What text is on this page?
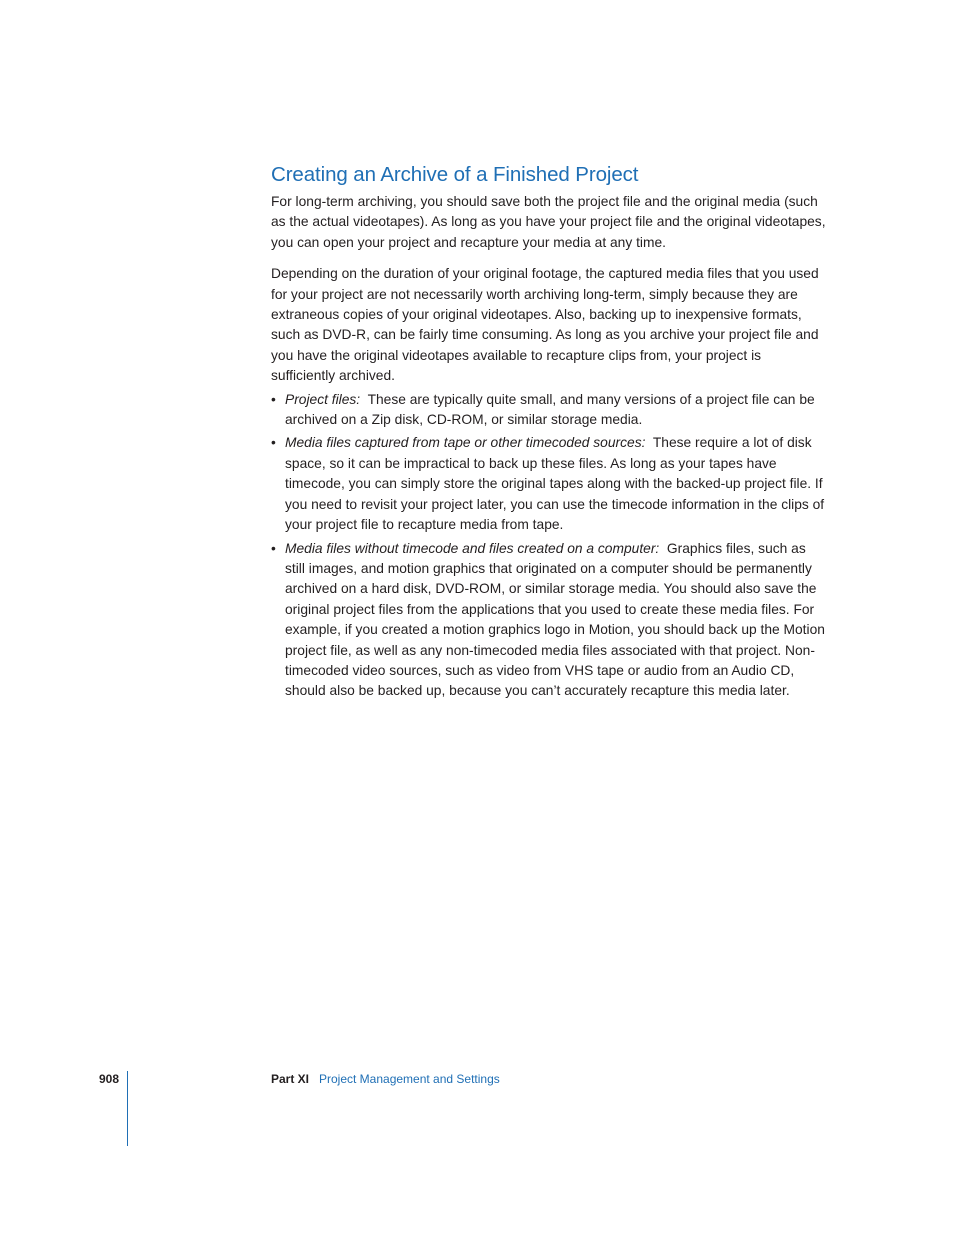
Creating an Archive of a Finished Project

For long-term archiving, you should save both the project file and the original media (such as the actual videotapes). As long as you have your project file and the original videotapes, you can open your project and recapture your media at any time.

Depending on the duration of your original footage, the captured media files that you used for your project are not necessarily worth archiving long-term, simply because they are extraneous copies of your original videotapes. Also, backing up to inexpensive formats, such as DVD-R, can be fairly time consuming. As long as you archive your project file and you have the original videotapes available to recapture clips from, your project is sufficiently archived.

• Project files: These are typically quite small, and many versions of a project file can be archived on a Zip disk, CD-ROM, or similar storage media.
• Media files captured from tape or other timecoded sources: These require a lot of disk space, so it can be impractical to back up these files. As long as your tapes have timecode, you can simply store the original tapes along with the backed-up project file. If you need to revisit your project later, you can use the timecode information in the clips of your project file to recapture media from tape.
• Media files without timecode and files created on a computer: Graphics files, such as still images, and motion graphics that originated on a computer should be permanently archived on a hard disk, DVD-ROM, or similar storage media. You should also save the original project files from the applications that you used to create these media files. For example, if you created a motion graphics logo in Motion, you should back up the Motion project file, as well as any non-timecoded media files associated with that project. Non-timecoded video sources, such as video from VHS tape or audio from an Audio CD, should also be backed up, because you can’t accurately recapture this media later.
908	Part XI Project Management and Settings
